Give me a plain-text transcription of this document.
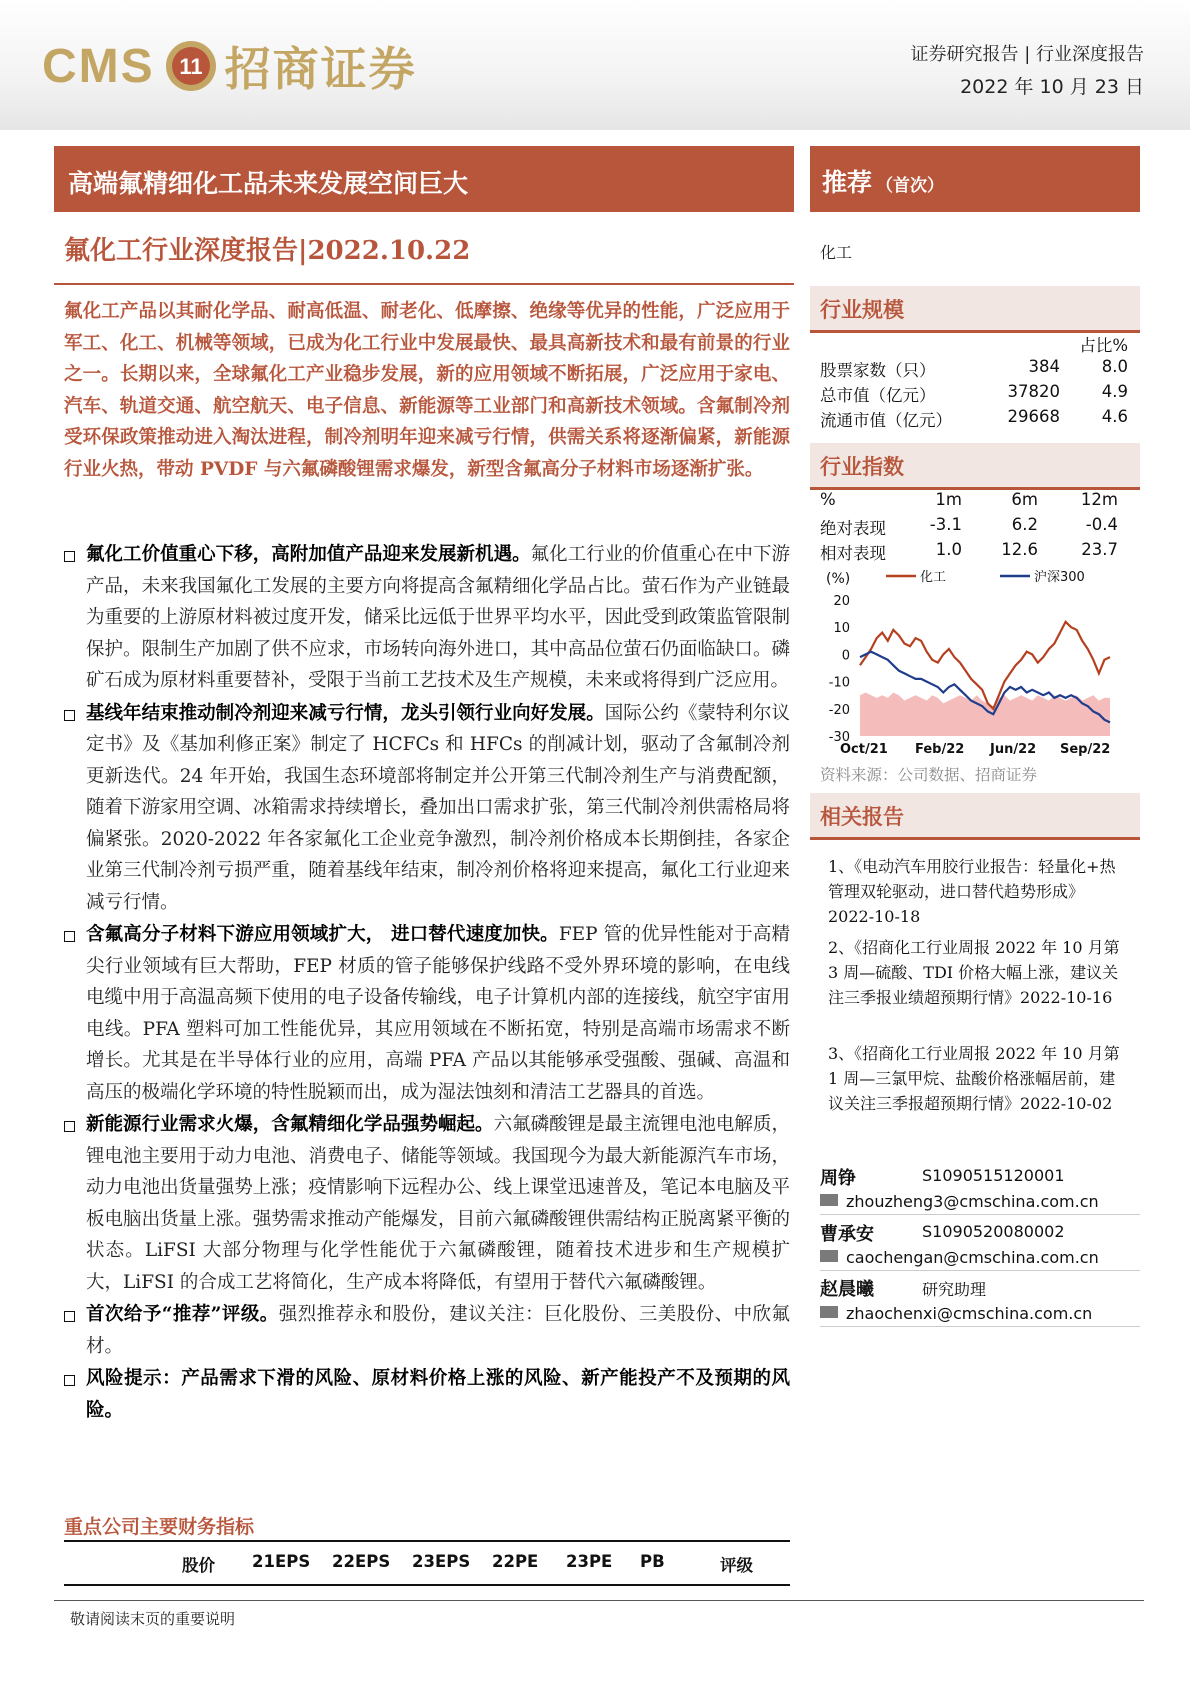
CMS 11 招商证券	证券研究报告 | 行业深度报告
2022 年 10 月 23 日
高端氟精细化工品未来发展空间巨大	推荐 （首次）
氟化工行业深度报告|2022.10.22	化工
氟化工产品以其耐化学品、耐高低温、耐老化、低摩擦、绝缘等优异的性能，广泛应用于军工、化工、机械等领域，已成为化工行业中发展最快、最具高新技术和最有前景的行业之一。长期以来，全球氟化工产业稳步发展，新的应用领域不断拓展，广泛应用于家电、汽车、轨道交通、航空航天、电子信息、新能源等工业部门和高新技术领域。含氟制冷剂受环保政策推动进入淘汰进程，制冷剂明年迎来减亏行情，供需关系将逐渐偏紧，新能源行业火热，带动 PVDF 与六氟磷酸锂需求爆发，新型含氟高分子材料市场逐渐扩张。
氟化工价值重心下移，高附加值产品迎来发展新机遇。氟化工行业的价值重心在中下游产品，未来我国氟化工发展的主要方向将提高含氟精细化学品占比。萤石作为产业链最为重要的上游原材料被过度开发，储采比远低于世界平均水平，因此受到政策监管限制保护。限制生产加剧了供不应求，市场转向海外进口，其中高品位萤石仍面临缺口。磷矿石成为原材料重要替补，受限于当前工艺技术及生产规模，未来或将得到广泛应用。
基线年结束推动制冷剂迎来减亏行情，龙头引领行业向好发展。国际公约《蒙特利尔议定书》及《基加利修正案》制定了 HCFCs 和 HFCs 的削减计划，驱动了含氟制冷剂更新迭代。24 年开始，我国生态环境部将制定并公开第三代制冷剂生产与消费配额，随着下游家用空调、冰箱需求持续增长，叠加出口需求扩张，第三代制冷剂供需格局将偏紧张。2020-2022 年各家氟化工企业竞争激烈，制冷剂价格成本长期倒挂，各家企业第三代制冷剂亏损严重，随着基线年结束，制冷剂价格将迎来提高，氟化工行业迎来减亏行情。
含氟高分子材料下游应用领域扩大， 进口替代速度加快。FEP 管的优异性能对于高精尖行业领域有巨大帮助，FEP 材质的管子能够保护线路不受外界环境的影响，在电线电缆中用于高温高频下使用的电子设备传输线，电子计算机内部的连接线，航空宇宙用电线。PFA 塑料可加工性能优异，其应用领域在不断拓宽，特别是高端市场需求不断增长。尤其是在半导体行业的应用，高端 PFA 产品以其能够承受强酸、强碱、高温和高压的极端化学环境的特性脱颖而出，成为湿法蚀刻和清洁工艺器具的首选。
新能源行业需求火爆，含氟精细化学品强势崛起。六氟磷酸锂是最主流锂电池电解质，锂电池主要用于动力电池、消费电子、储能等领域。我国现今为最大新能源汽车市场，动力电池出货量强势上涨；疫情影响下远程办公、线上课堂迅速普及，笔记本电脑及平板电脑出货量上涨。强势需求推动产能爆发，目前六氟磷酸锂供需结构正脱离紧平衡的状态。LiFSI 大部分物理与化学性能优于六氟磷酸锂，随着技术进步和生产规模扩大，LiFSI 的合成工艺将简化，生产成本将降低，有望用于替代六氟磷酸锂。
首次给予“推荐”评级。强烈推荐永和股份，建议关注：巨化股份、三美股份、中欣氟材。
风险提示：产品需求下滑的风险、原材料价格上涨的风险、新产能投产不及预期的风险。
重点公司主要财务指标
股价 21EPS 22EPS 23EPS 22PE 23PE PB	评级
敬请阅读末页的重要说明
行业规模
占比%
股票家数（只）	384	8.0
总市值（亿元）	37820	4.9
流通市值（亿元）	29668	4.6
行业指数
%	1m	6m	12m
绝对表现	-3.1	6.2	-0.4
相对表现	1.0	12.6	23.7
(%)	化工	沪深300
20
10
0
-10
-20
-30
Oct/21 Feb/22 Jun/22 Sep/22
资料来源：公司数据、招商证券
相关报告
1、《电动汽车用胶行业报告：轻量化+热管理双轮驱动，进口替代趋势形成》2022-10-18
2、《招商化工行业周报 2022 年 10 月第 3 周—硫酸、TDI 价格大幅上涨，建议关注三季报业绩超预期行情》2022-10-16
3、《招商化工行业周报 2022 年 10 月第 1 周—三氯甲烷、盐酸价格涨幅居前，建议关注三季报超预期行情》2022-10-02
周铮	S1090515120001
zhouzheng3@cmschina.com.cn
曹承安	S1090520080002
caochengan@cmschina.com.cn
赵晨曦	研究助理
zhaochenxi@cmschina.com.cn
